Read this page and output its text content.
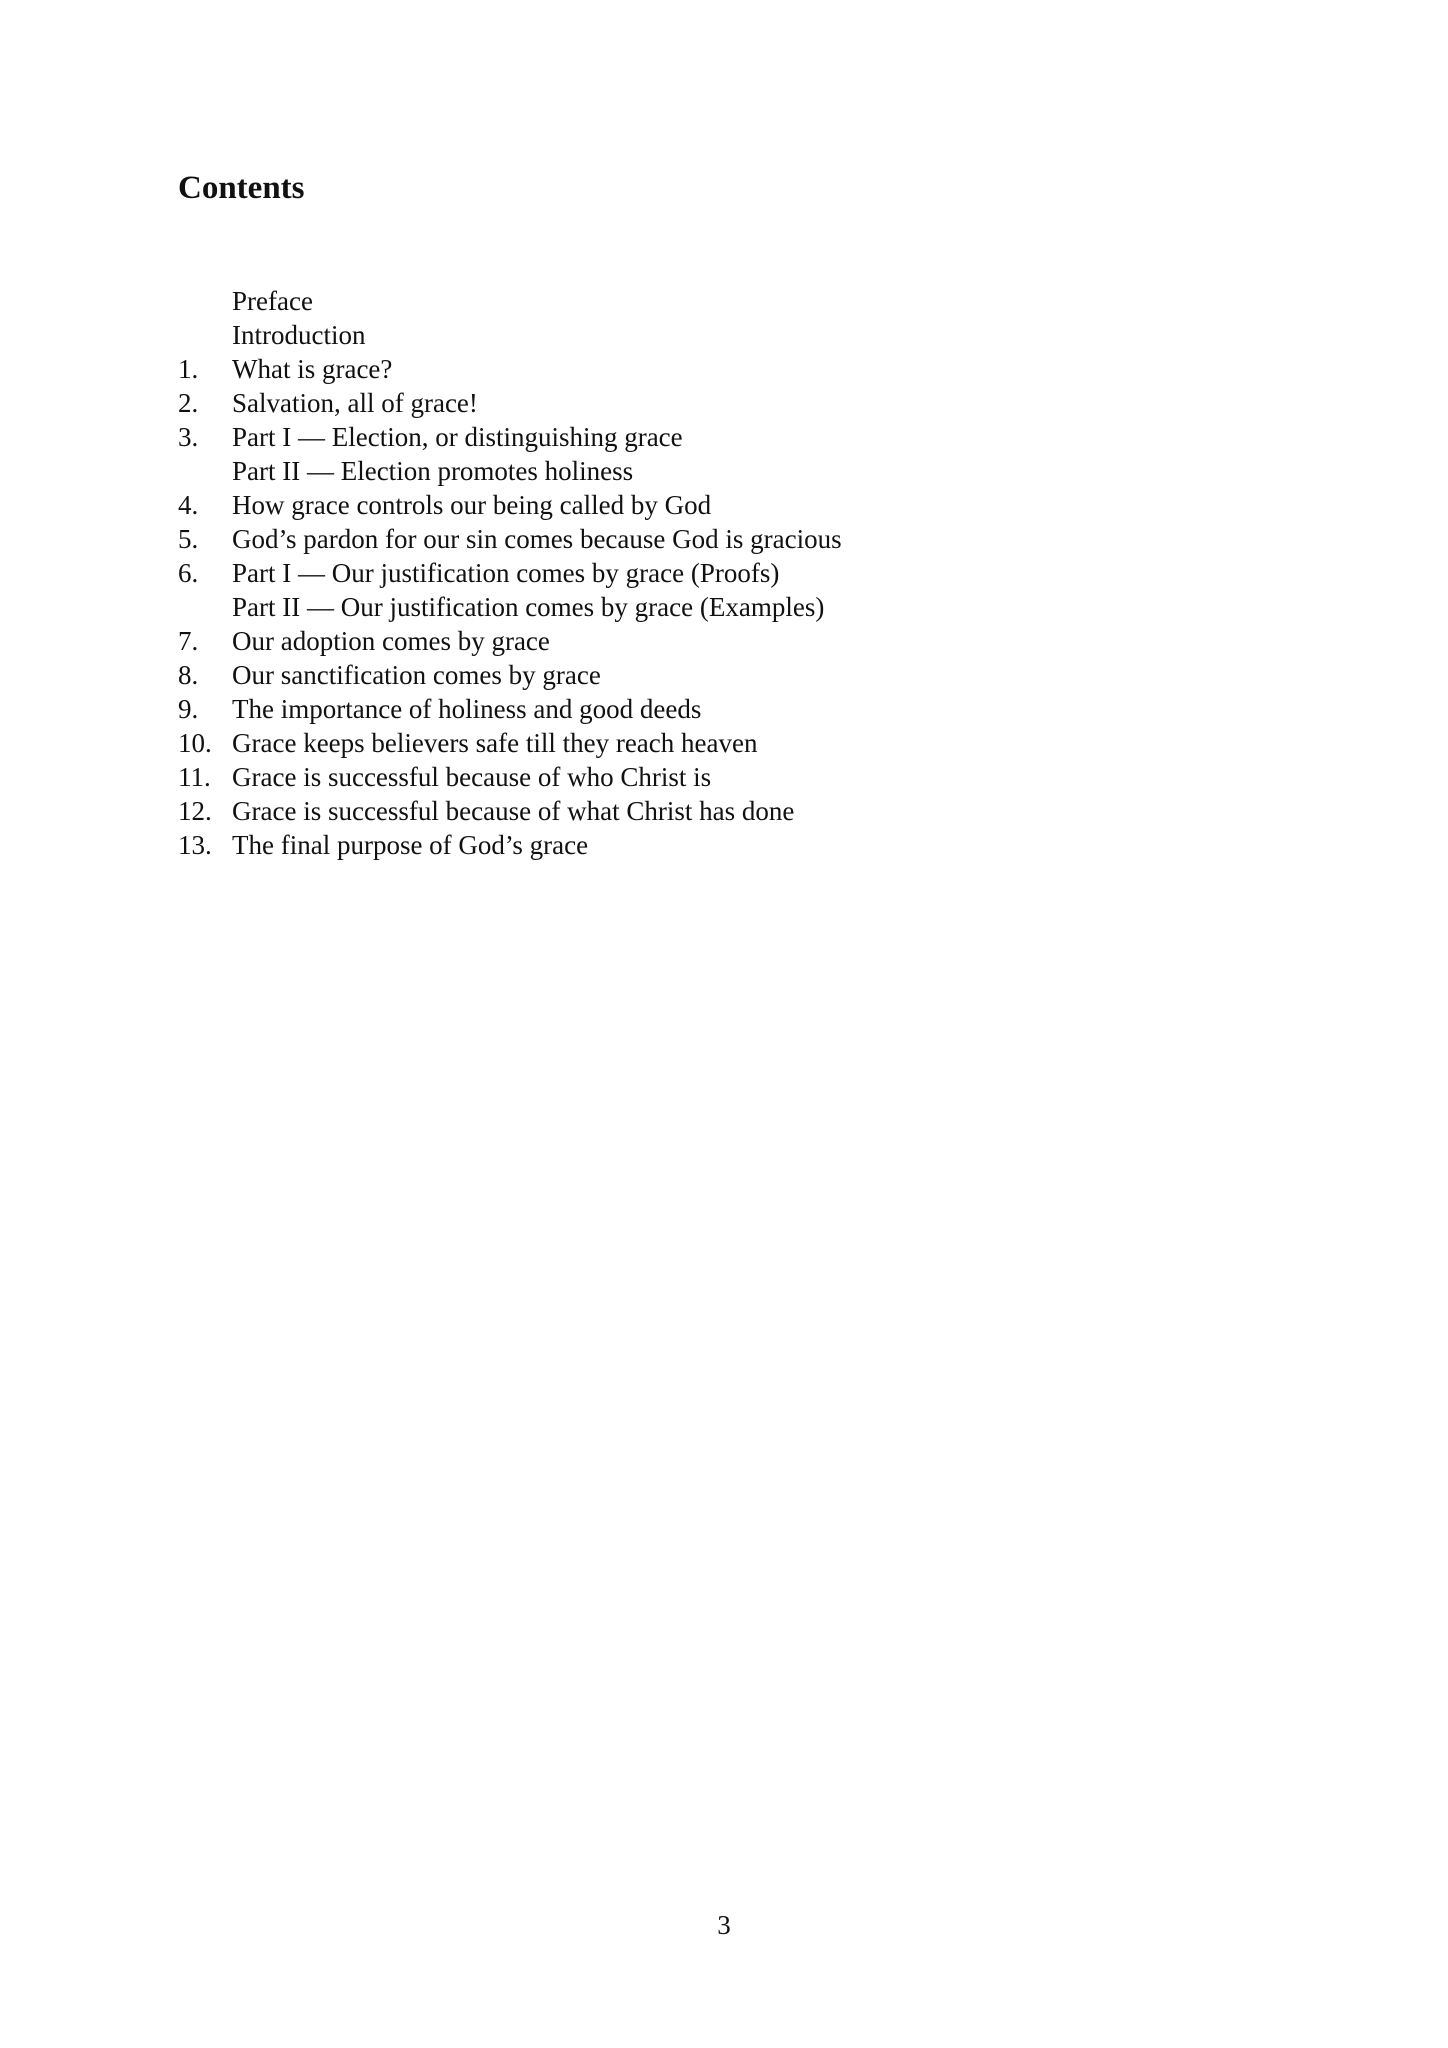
Contents
Preface
Introduction
1. What is grace?
2. Salvation, all of grace!
3. Part I — Election, or distinguishing grace
Part II — Election promotes holiness
4. How grace controls our being called by God
5. God’s pardon for our sin comes because God is gracious
6. Part I — Our justification comes by grace (Proofs)
Part II — Our justification comes by grace (Examples)
7. Our adoption comes by grace
8. Our sanctification comes by grace
9. The importance of holiness and good deeds
10. Grace keeps believers safe till they reach heaven
11. Grace is successful because of who Christ is
12. Grace is successful because of what Christ has done
13. The final purpose of God’s grace
3
